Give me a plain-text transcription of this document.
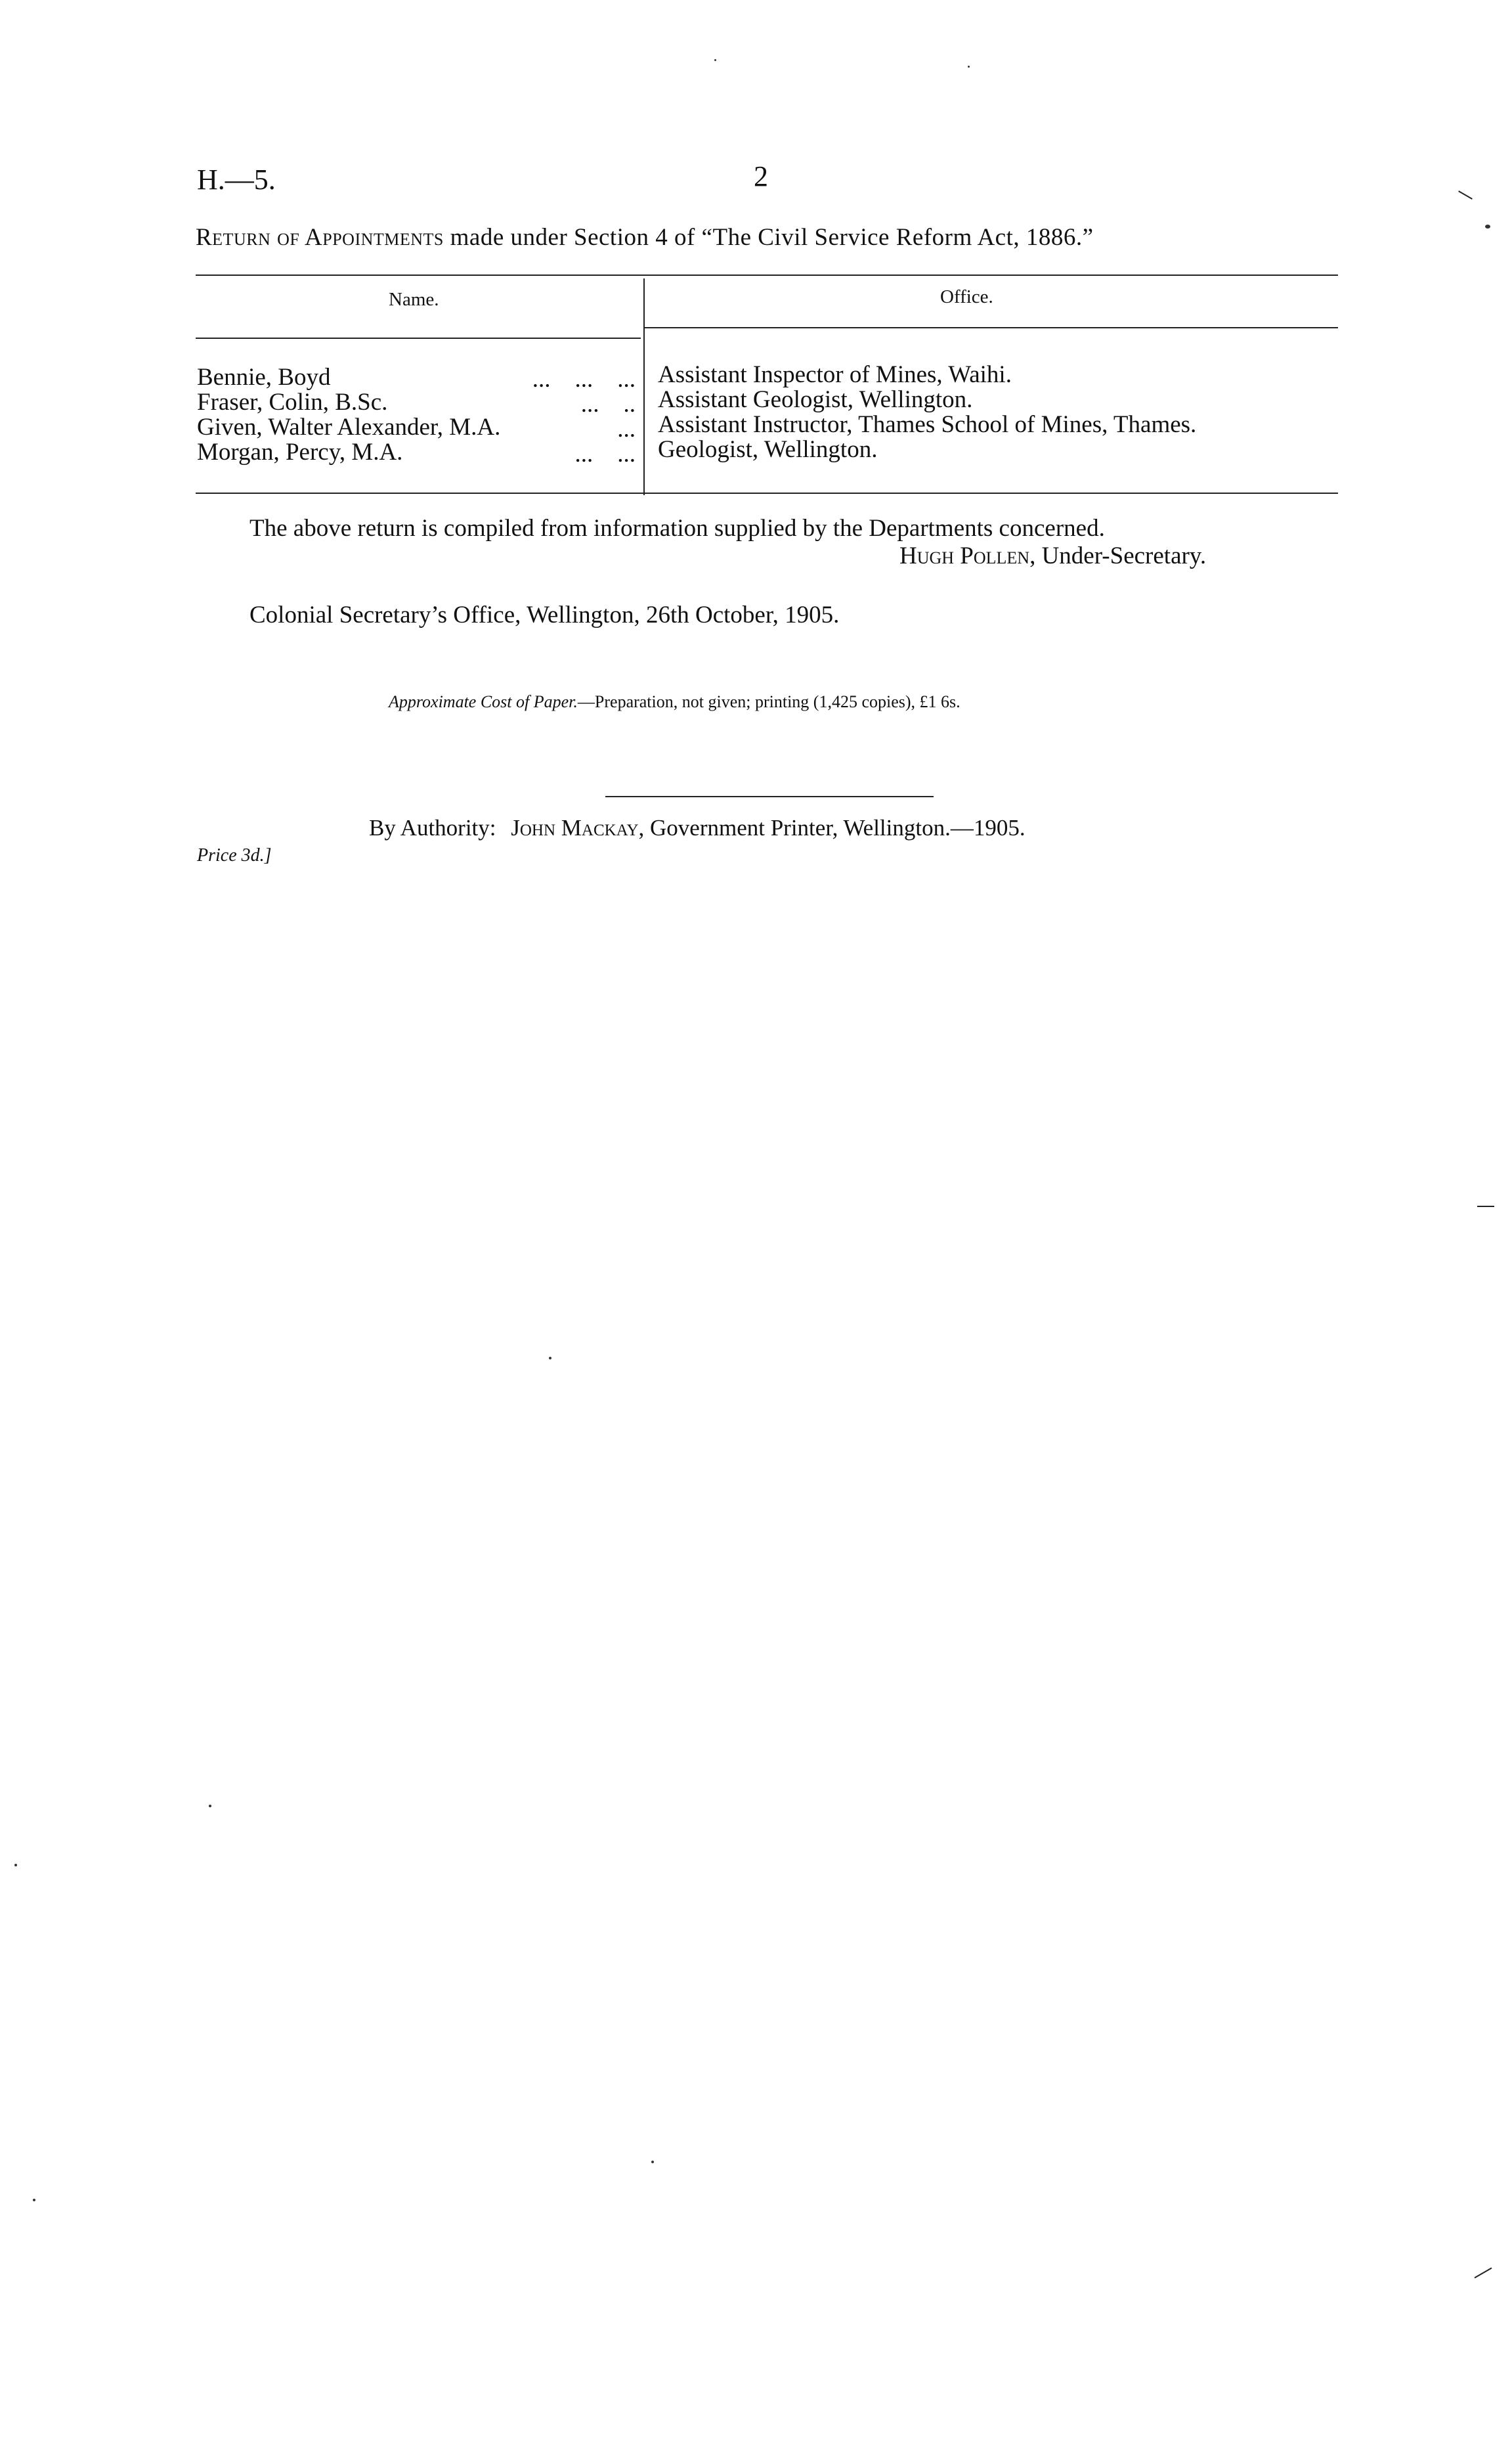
H.—5.	2
Return of Appointments made under Section 4 of “The Civil Service Reform Act, 1886.”
Name.	Office.
Bennie, Boyd	...    ...    ... Assistant Inspector of Mines, Waihi.
Fraser, Colin, B.Sc.	...    .. Assistant Geologist, Wellington.
Given, Walter Alexander, M.A.	... Assistant Instructor, Thames School of Mines, Thames.
Morgan, Percy, M.A.	...    ... Geologist, Wellington.
The above return is compiled from information supplied by the Departments concerned.
Hugh Pollen, Under-Secretary.
Colonial Secretary’s Office, Wellington, 26th October, 1905.
Approximate Cost of Paper.—Preparation, not given; printing (1,425 copies), £1 6s.
By Authority: John Mackay, Government Printer, Wellington.—1905.
Price 3d.]
